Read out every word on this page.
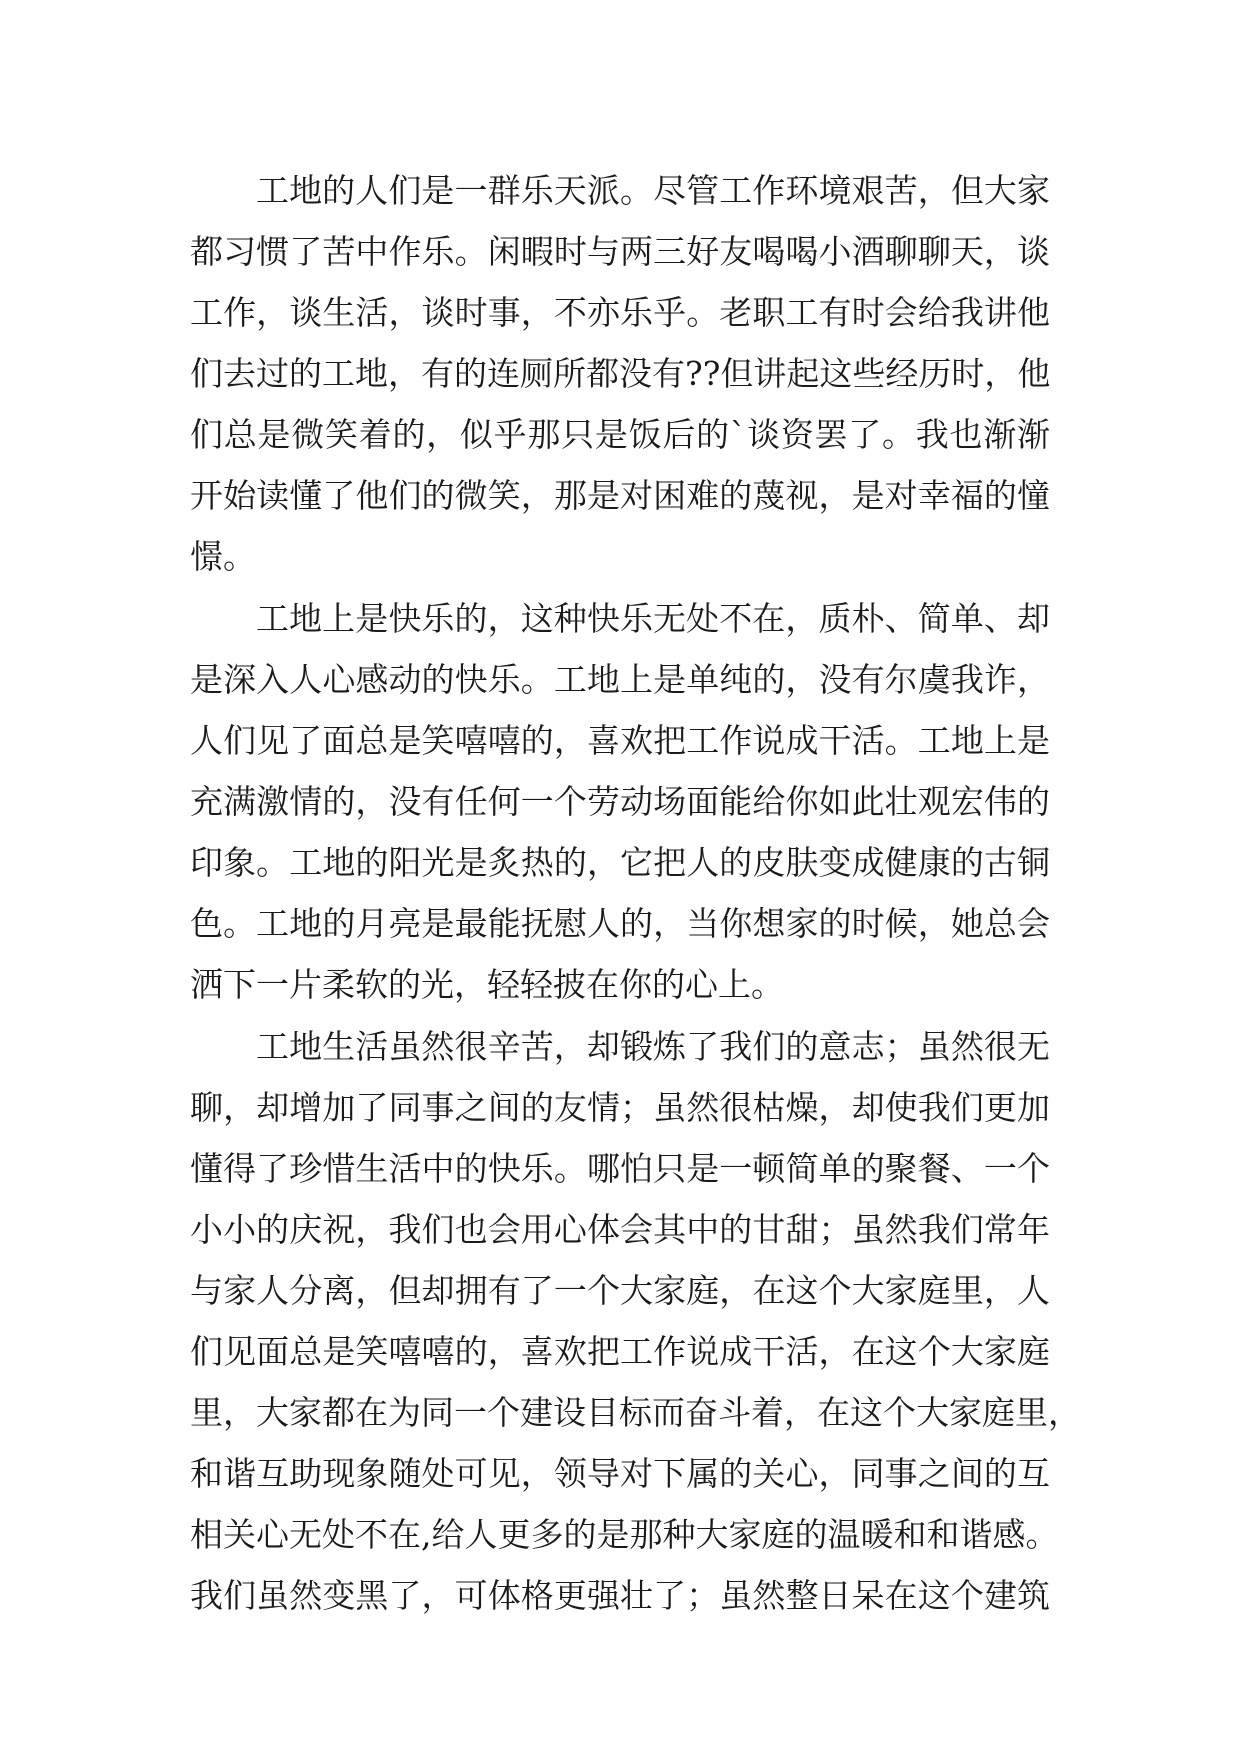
工地的人们是一群乐天派。尽管工作环境艰苦，但大家
都习惯了苦中作乐。闲暇时与两三好友喝喝小酒聊聊天，谈
工作，谈生活，谈时事，不亦乐乎。老职工有时会给我讲他
们去过的工地，有的连厕所都没有??但讲起这些经历时，他
们总是微笑着的，似乎那只是饭后的`谈资罢了。我也渐渐
开始读懂了他们的微笑，那是对困难的蔑视，是对幸福的憧
憬。
工地上是快乐的，这种快乐无处不在，质朴、简单、却
是深入人心感动的快乐。工地上是单纯的，没有尔虞我诈，
人们见了面总是笑嘻嘻的，喜欢把工作说成干活。工地上是
充满激情的，没有任何一个劳动场面能给你如此壮观宏伟的
印象。工地的阳光是炙热的，它把人的皮肤变成健康的古铜
色。工地的月亮是最能抚慰人的，当你想家的时候，她总会
洒下一片柔软的光，轻轻披在你的心上。
工地生活虽然很辛苦，却锻炼了我们的意志；虽然很无
聊，却增加了同事之间的友情；虽然很枯燥，却使我们更加
懂得了珍惜生活中的快乐。哪怕只是一顿简单的聚餐、一个
小小的庆祝，我们也会用心体会其中的甘甜；虽然我们常年
与家人分离，但却拥有了一个大家庭，在这个大家庭里，人
们见面总是笑嘻嘻的，喜欢把工作说成干活，在这个大家庭
里，大家都在为同一个建设目标而奋斗着，在这个大家庭里，
和谐互助现象随处可见，领导对下属的关心，同事之间的互
相关心无处不在,给人更多的是那种大家庭的温暖和和谐感。
我们虽然变黑了，可体格更强壮了；虽然整日呆在这个建筑
